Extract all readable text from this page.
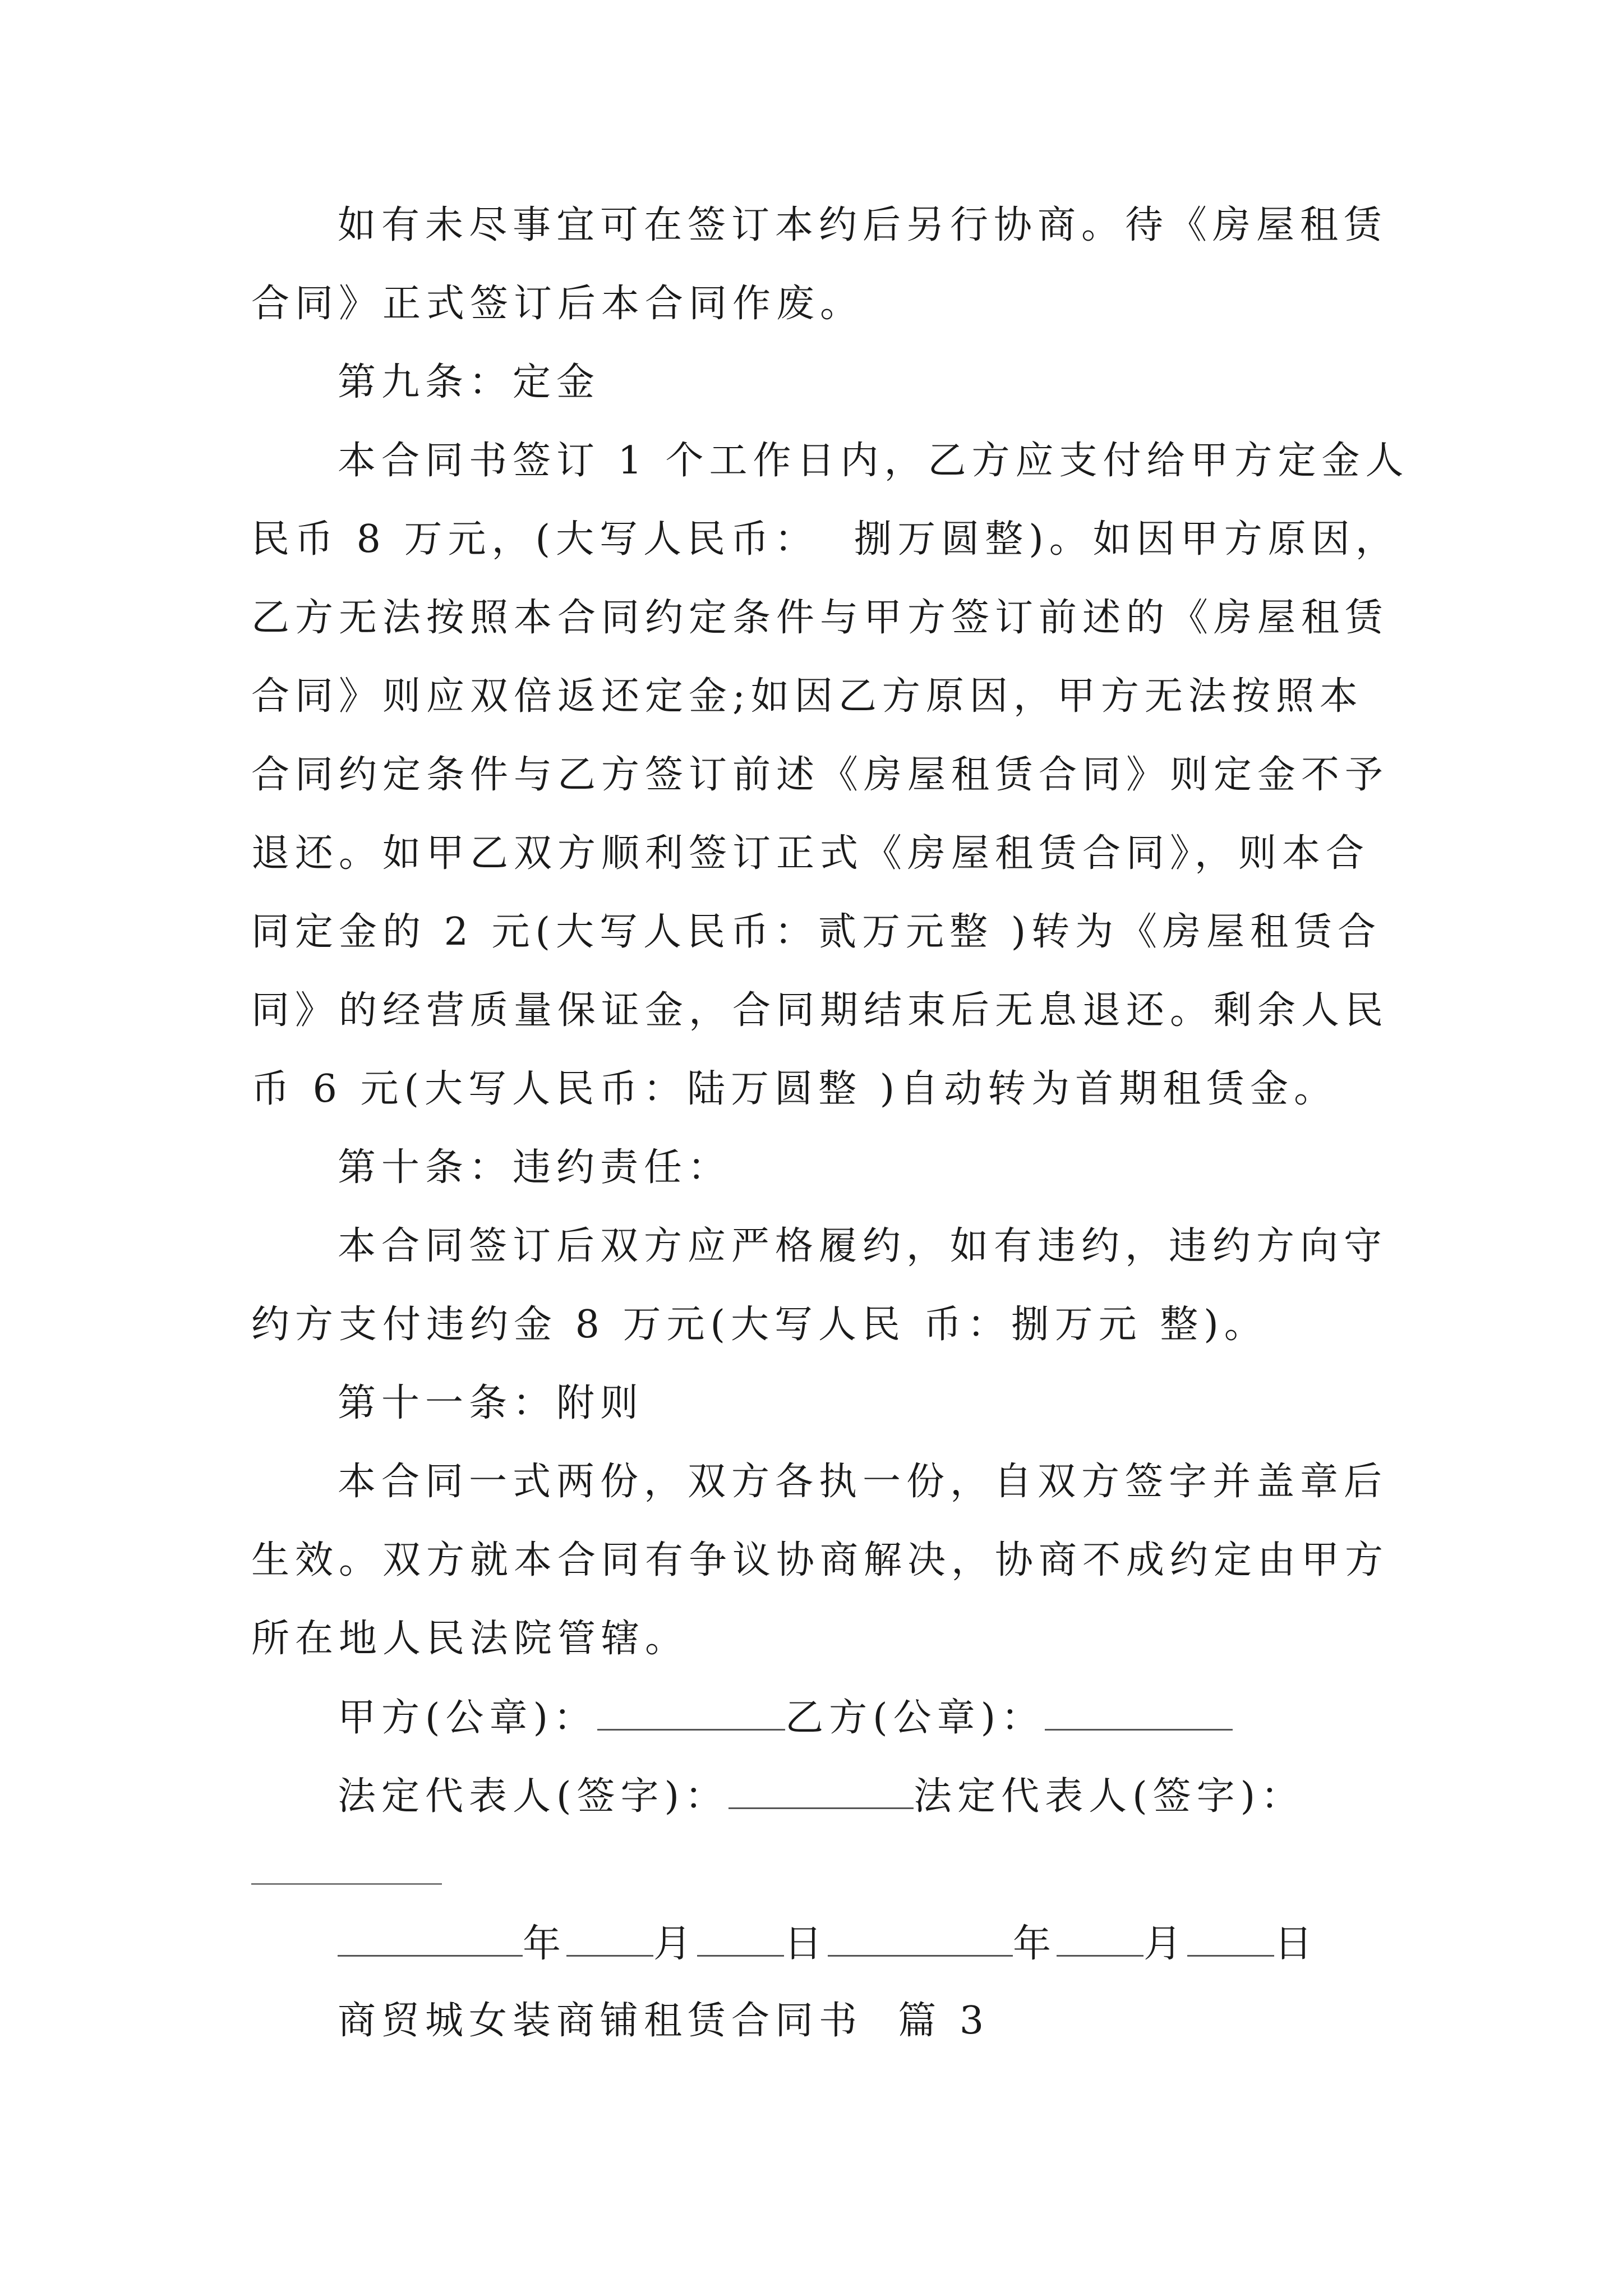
如有未尽事宜可在签订本约后另行协商。待《房屋租赁
合同》正式签订后本合同作废。
第九条：定金
本合同书签订 1 个工作日内，乙方应支付给甲方定金人
民币 8 万元，(大写人民币：  捌万圆整)。如因甲方原因，
乙方无法按照本合同约定条件与甲方签订前述的《房屋租赁
合同》则应双倍返还定金;如因乙方原因，甲方无法按照本
合同约定条件与乙方签订前述《房屋租赁合同》则定金不予
退还。如甲乙双方顺利签订正式《房屋租赁合同》，则本合
同定金的 2 元(大写人民币：贰万元整 )转为《房屋租赁合
同》的经营质量保证金，合同期结束后无息退还。剩余人民
币 6 元(大写人民币：陆万圆整 )自动转为首期租赁金。
第十条：违约责任：
本合同签订后双方应严格履约，如有违约，违约方向守
约方支付违约金 8 万元(大写人民 币：捌万元 整)。
第十一条：附则
本合同一式两份，双方各执一份，自双方签字并盖章后
生效。双方就本合同有争议协商解决，协商不成约定由甲方
所在地人民法院管辖。
甲方(公章)：	乙方(公章)：
法定代表人(签字)：	法定代表人(签字)：
年 月 日	年 月 日
商贸城女装商铺租赁合同书  篇 3
